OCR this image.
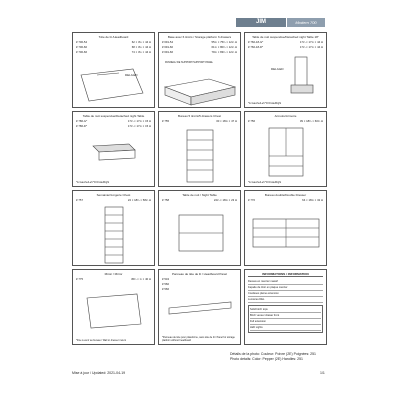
JIM	Modern 700
Tête de lit /Headboard
# 700-54	62 × 3¼ × 44 H
# 700-60	68 × 3¼ × 44 H
# 700-66	74 × 3¼ × 44 H
DEL/LED
Base avec 6 tiroirs / Storage platform 6 drawers
# 691-54	55¼ × 75¼ × 12¼ H
# 691-60	61¼ × 80¼ × 12¼ H
# 691-66	79¼ × 83¼ × 12¼ H
PANNEAU DE SUPPORT/SUPPORT PANEL
Table de nuit suspendue/Detached night Table 18"
# 760-18-G*	17¼ × 17¼ × 44 H
# 760-18-D*	17¼ × 17¼ × 44 H
DEL/LED
*G Gauche/Left *D Droite/Right
Table de nuit suspendue/Detached night Table
# 786-G*	17¼ × 17¼ × 15 H
# 786-D*	17¼ × 17¼ × 15 H
*G Gauche/Left *D Droite/Right
Bureau 5 tiroirs/5 drawers Chest
# 755	30 × 18¼ × 47 H
Armoire/Armoire
# 756	39 × 18¼ × 60¾ H
*G Gauche/Left *D Droite/Right
Semainier/Lingerie Chest
# 757	24 × 18¼ × 58¼ H
Table de nuit / Night Table
# 758	24¼ × 18¼ × 23 H
Bureau double/Double Dresser
# 770	64 × 18¼ × 32 H
Miroir / Mirror
# 775	45¾ × ¾ × 40 H
*Fixe à venir au bureau / Wall or dresser mount
Panneau de tête de lit / Headboard Panel
# 534
# 560
# 566
*Panneau de tête pour plateforme, sans tête de lit / Panel for storage platform without headboard
INFORMATIONS / INFORMATION
Dessus en mercier massif
Façade de tiroir en plaque mercier
Coulisses pleine extension
Lumieres DEL
Solid birch tops
Birch veneer drawer front
Full extension
LED Lights
Détails de la photo: Couleur: Poivre (2E) Poignées: 251
Photo details: Color: Pepper (2E) Handles: 251
Mise à jour / Updated: 2021-04-19	1/1
